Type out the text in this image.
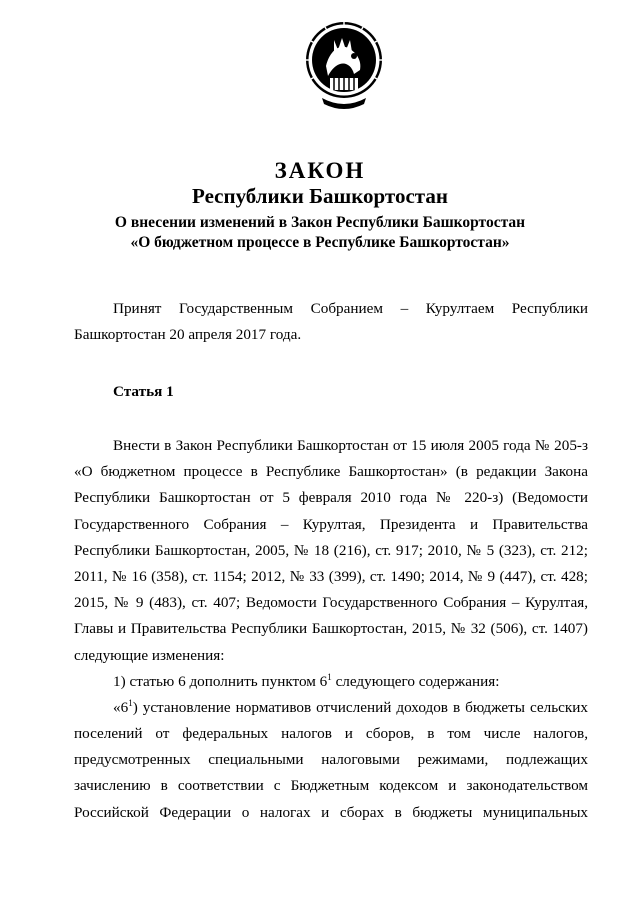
ЗАКОН
Республики Башкортостан
О внесении изменений в Закон Республики Башкортостан
«О бюджетном процессе в Республике Башкортостан»
Принят Государственным Собранием – Курултаем Республики
Башкортостан 20 апреля 2017 года.
Статья 1
Внести в Закон Республики Башкортостан от 15 июля 2005 года № 205-з
«О бюджетном процессе в Республике Башкортостан» (в редакции Закона
Республики Башкортостан от 5 февраля 2010 года № 220-з) (Ведомости
Государственного Собрания – Курултая, Президента и Правительства
Республики Башкортостан, 2005, № 18 (216), ст. 917; 2010, № 5 (323), ст. 212;
2011, № 16 (358), ст. 1154; 2012, № 33 (399), ст. 1490; 2014, № 9 (447), ст. 428;
2015, № 9 (483), ст. 407; Ведомости Государственного Собрания – Курултая,
Главы и Правительства Республики Башкортостан, 2015, № 32 (506), ст. 1407)
следующие изменения:
1) статью 6 дополнить пунктом $6^1$ следующего содержания:
«$6^1$) установление нормативов отчислений доходов в бюджеты сельских
поселений от федеральных налогов и сборов, в том числе налогов,
предусмотренных специальными налоговыми режимами, подлежащих
зачислению в соответствии с Бюджетным кодексом и законодательством
Российской Федерации о налогах и сборах в бюджеты муниципальных
